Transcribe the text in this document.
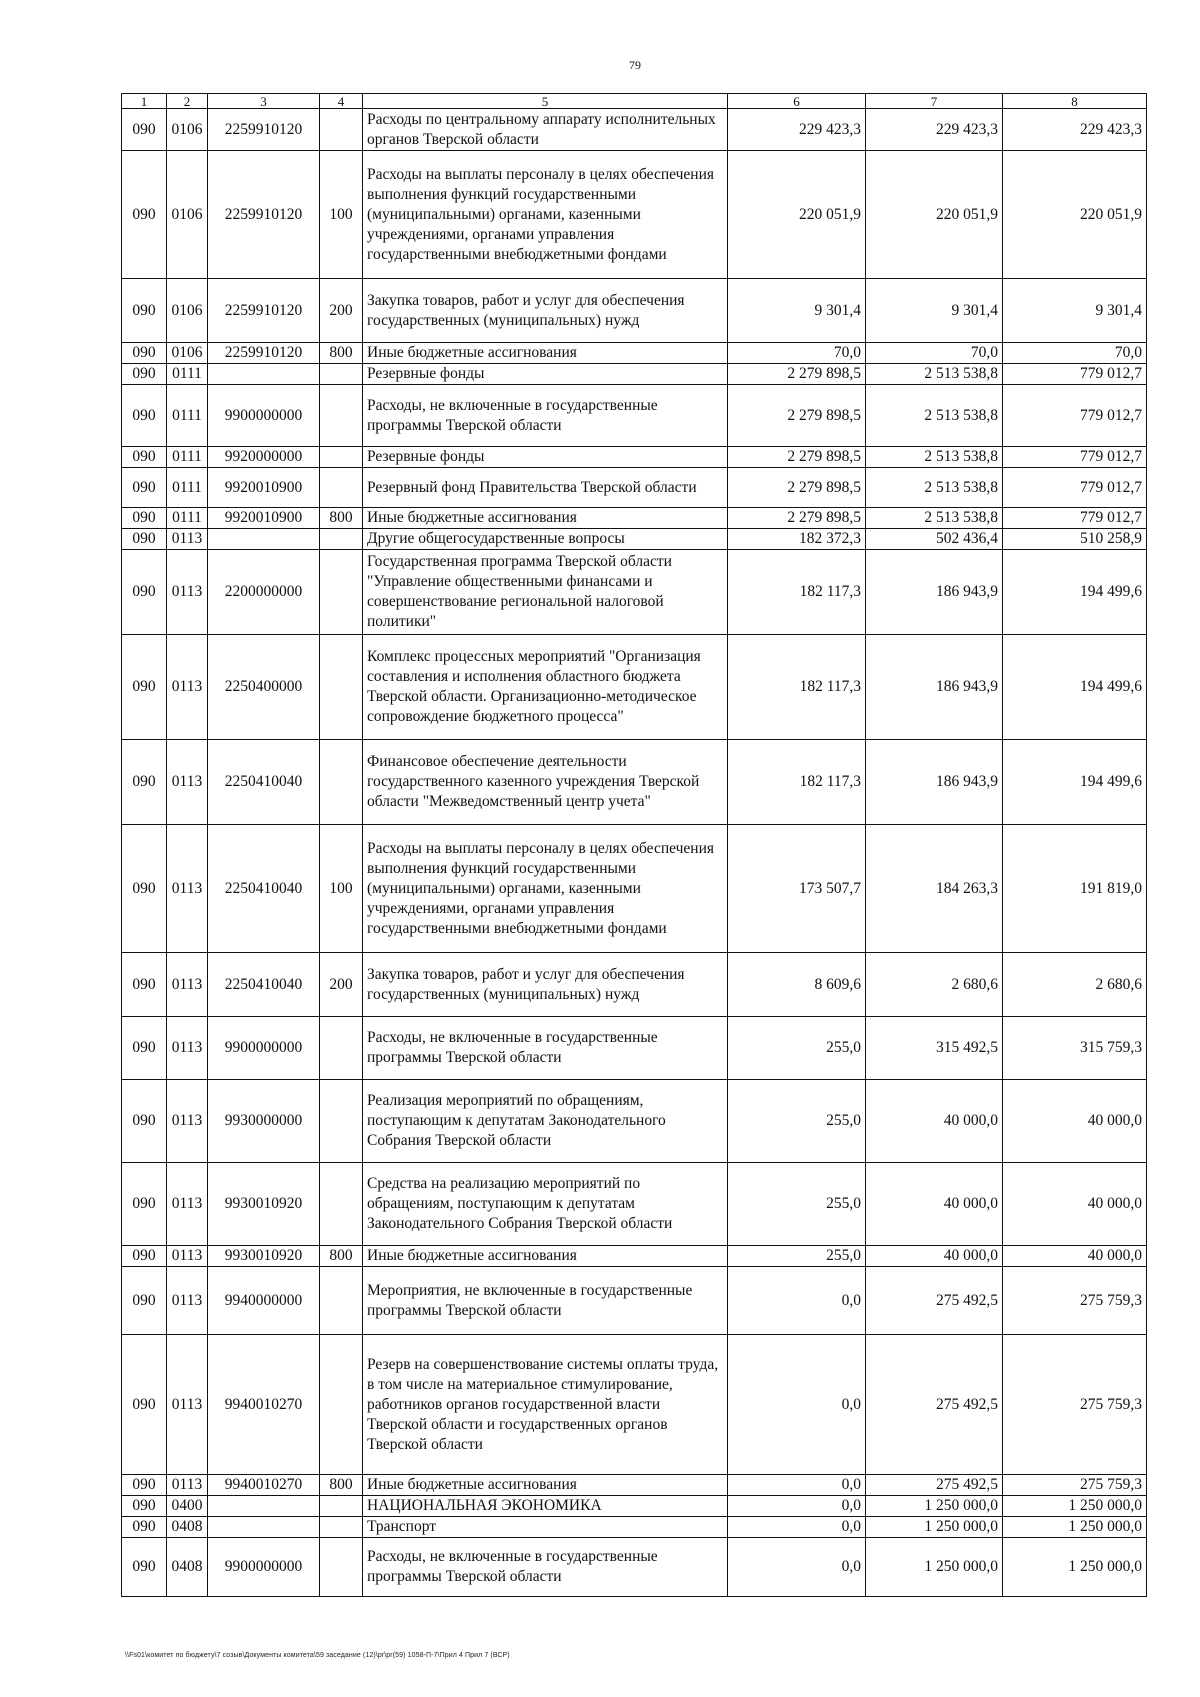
79
1	2	3	4	5	6	7	8
090	0106	2259910120		Расходы по центральному аппарату исполнительных органов Тверской области	229 423,3	229 423,3	229 423,3
090	0106	2259910120	100	Расходы на выплаты персоналу в целях обеспечения выполнения функций государственными (муниципальными) органами, казенными учреждениями, органами управления государственными внебюджетными фондами	220 051,9	220 051,9	220 051,9
090	0106	2259910120	200	Закупка товаров, работ и услуг для обеспечения государственных (муниципальных) нужд	9 301,4	9 301,4	9 301,4
090	0106	2259910120	800	Иные бюджетные ассигнования	70,0	70,0	70,0
090	0111			Резервные фонды	2 279 898,5	2 513 538,8	779 012,7
090	0111	9900000000		Расходы, не включенные в государственные программы Тверской области	2 279 898,5	2 513 538,8	779 012,7
090	0111	9920000000		Резервные фонды	2 279 898,5	2 513 538,8	779 012,7
090	0111	9920010900		Резервный фонд Правительства Тверской области	2 279 898,5	2 513 538,8	779 012,7
090	0111	9920010900	800	Иные бюджетные ассигнования	2 279 898,5	2 513 538,8	779 012,7
090	0113			Другие общегосударственные вопросы	182 372,3	502 436,4	510 258,9
090	0113	2200000000		Государственная программа Тверской области "Управление общественными финансами и совершенствование региональной налоговой политики"	182 117,3	186 943,9	194 499,6
090	0113	2250400000		Комплекс процессных мероприятий "Организация составления и исполнения областного бюджета Тверской области. Организационно-методическое сопровождение бюджетного процесса"	182 117,3	186 943,9	194 499,6
090	0113	2250410040		Финансовое обеспечение деятельности государственного казенного учреждения Тверской области "Межведомственный центр учета"	182 117,3	186 943,9	194 499,6
090	0113	2250410040	100	Расходы на выплаты персоналу в целях обеспечения выполнения функций государственными (муниципальными) органами, казенными учреждениями, органами управления государственными внебюджетными фондами	173 507,7	184 263,3	191 819,0
090	0113	2250410040	200	Закупка товаров, работ и услуг для обеспечения государственных (муниципальных) нужд	8 609,6	2 680,6	2 680,6
090	0113	9900000000		Расходы, не включенные в государственные программы Тверской области	255,0	315 492,5	315 759,3
090	0113	9930000000		Реализация мероприятий по обращениям, поступающим к депутатам Законодательного Собрания Тверской области	255,0	40 000,0	40 000,0
090	0113	9930010920		Средства на реализацию мероприятий по обращениям, поступающим к депутатам Законодательного Собрания Тверской области	255,0	40 000,0	40 000,0
090	0113	9930010920	800	Иные бюджетные ассигнования	255,0	40 000,0	40 000,0
090	0113	9940000000		Мероприятия, не включенные в государственные программы Тверской области	0,0	275 492,5	275 759,3
090	0113	9940010270		Резерв на совершенствование системы оплаты труда, в том числе на материальное стимулирование, работников органов государственной власти Тверской области и государственных органов Тверской области	0,0	275 492,5	275 759,3
090	0113	9940010270	800	Иные бюджетные ассигнования	0,0	275 492,5	275 759,3
090	0400			НАЦИОНАЛЬНАЯ ЭКОНОМИКА	0,0	1 250 000,0	1 250 000,0
090	0408			Транспорт	0,0	1 250 000,0	1 250 000,0
090	0408	9900000000		Расходы, не включенные в государственные программы Тверской области	0,0	1 250 000,0	1 250 000,0
\\Fs01\комитет по бюджету\7 созыв\Документы комитета\59 заседание (12)\pr\pr(59) 1058-П-7\Прил 4 Прил 7 (ВСР)
